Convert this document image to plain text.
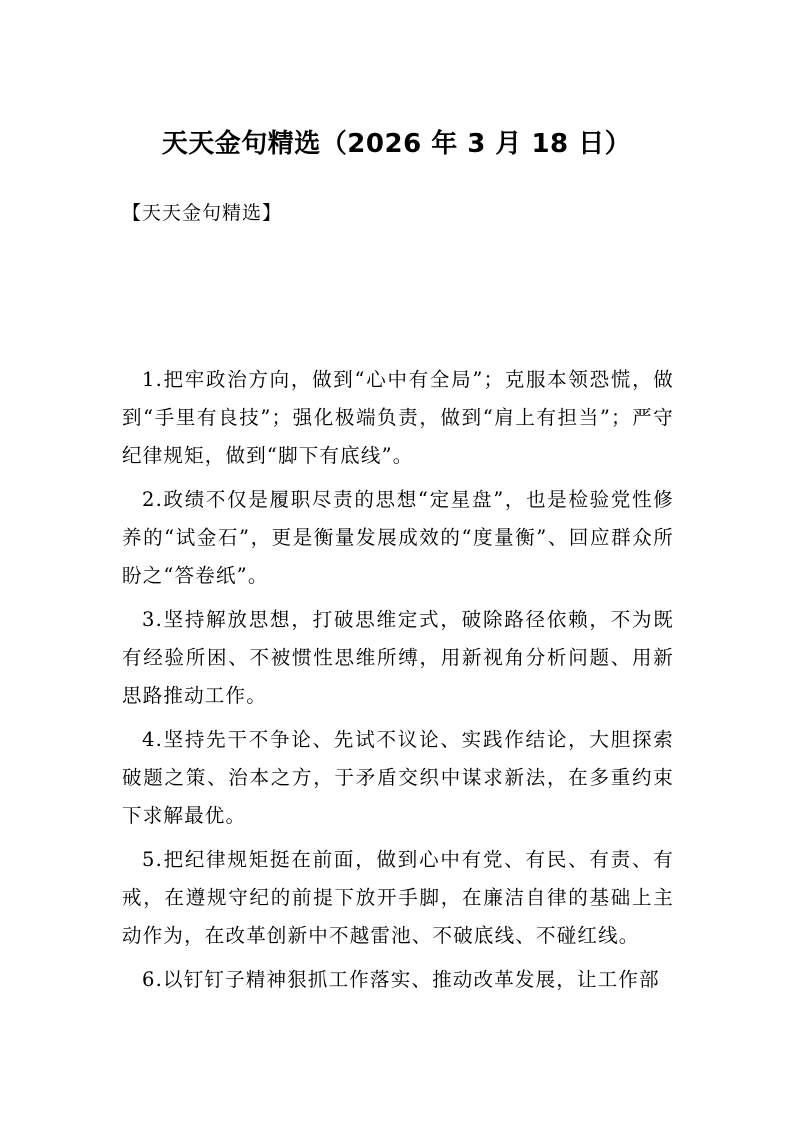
天天金句精选（2026 年 3 月 18 日）
【天天金句精选】

1.把牢政治方向，做到“心中有全局”；克服本领恐慌，做到“手里有良技”；强化极端负责，做到“肩上有担当”；严守纪律规矩，做到“脚下有底线”。

2.政绩不仅是履职尽责的思想“定星盘”，也是检验党性修养的“试金石”，更是衡量发展成效的“度量衡”、回应群众所盼之“答卷纸”。

3.坚持解放思想，打破思维定式，破除路径依赖，不为既有经验所困、不被惯性思维所缚，用新视角分析问题、用新思路推动工作。

4.坚持先干不争论、先试不议论、实践作结论，大胆探索破题之策、治本之方，于矛盾交织中谋求新法，在多重约束下求解最优。

5.把纪律规矩挺在前面，做到心中有党、有民、有责、有戒，在遵规守纪的前提下放开手脚，在廉洁自律的基础上主动作为，在改革创新中不越雷池、不破底线、不碰红线。

6.以钉钉子精神狠抓工作落实、推动改革发展，让工作部
